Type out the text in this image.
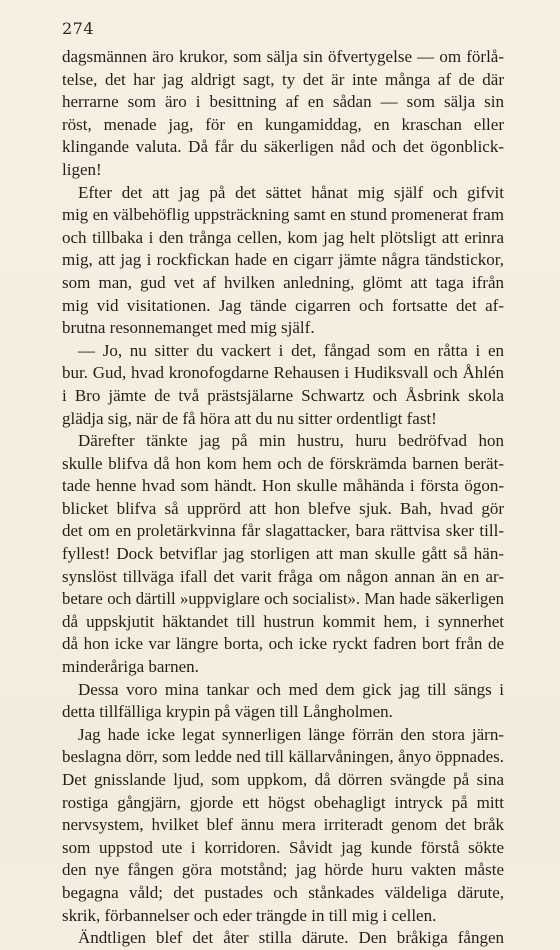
274
dagsmännen äro krukor, som sälja sin öfvertygelse — om förlå-
telse, det har jag aldrigt sagt, ty det är inte många af de där
herrarne som äro i besittning af en sådan — som sälja sin
röst, menade jag, för en kungamiddag, en kraschan eller
klingande valuta. Då får du säkerligen nåd och det ögonblick-
ligen!
Efter det att jag på det sättet hånat mig själf och gifvit
mig en välbehöflig uppsträckning samt en stund promenerat fram
och tillbaka i den trånga cellen, kom jag helt plötsligt att erinra
mig, att jag i rockfickan hade en cigarr jämte några tändstickor,
som man, gud vet af hvilken anledning, glömt att taga ifrån
mig vid visitationen. Jag tände cigarren och fortsatte det af-
brutna resonnemanget med mig själf.
— Jo, nu sitter du vackert i det, fångad som en råtta i en
bur. Gud, hvad kronofogdarne Rehausen i Hudiksvall och Åhlén
i Bro jämte de två prästsjälarne Schwartz och Åsbrink skola
glädja sig, när de få höra att du nu sitter ordentligt fast!
Därefter tänkte jag på min hustru, huru bedröfvad hon
skulle blifva då hon kom hem och de förskrämda barnen berät-
tade henne hvad som händt. Hon skulle måhända i första ögon-
blicket blifva så upprörd att hon blefve sjuk. Bah, hvad gör
det om en proletärkvinna får slagattacker, bara rättvisa sker till-
fyllest! Dock betviflar jag storligen att man skulle gått så hän-
synslöst tillväga ifall det varit fråga om någon annan än en ar-
betare och därtill »uppviglare och socialist». Man hade säkerligen
då uppskjutit häktandet till hustrun kommit hem, i synnerhet
då hon icke var längre borta, och icke ryckt fadren bort från de
minderåriga barnen.
Dessa voro mina tankar och med dem gick jag till sängs i
detta tillfälliga krypin på vägen till Långholmen.
Jag hade icke legat synnerligen länge förrän den stora järn-
beslagna dörr, som ledde ned till källarvåningen, ånyo öppnades.
Det gnisslande ljud, som uppkom, då dörren svängde på sina
rostiga gångjärn, gjorde ett högst obehagligt intryck på mitt
nervsystem, hvilket blef ännu mera irriteradt genom det bråk
som uppstod ute i korridoren. Såvidt jag kunde förstå sökte
den nye fången göra motstånd; jag hörde huru vakten måste
begagna våld; det pustades och stånkades väldeliga därute,
skrik, förbannelser och eder trängde in till mig i cellen.
Ändtligen blef det åter stilla därute. Den bråkiga fången
